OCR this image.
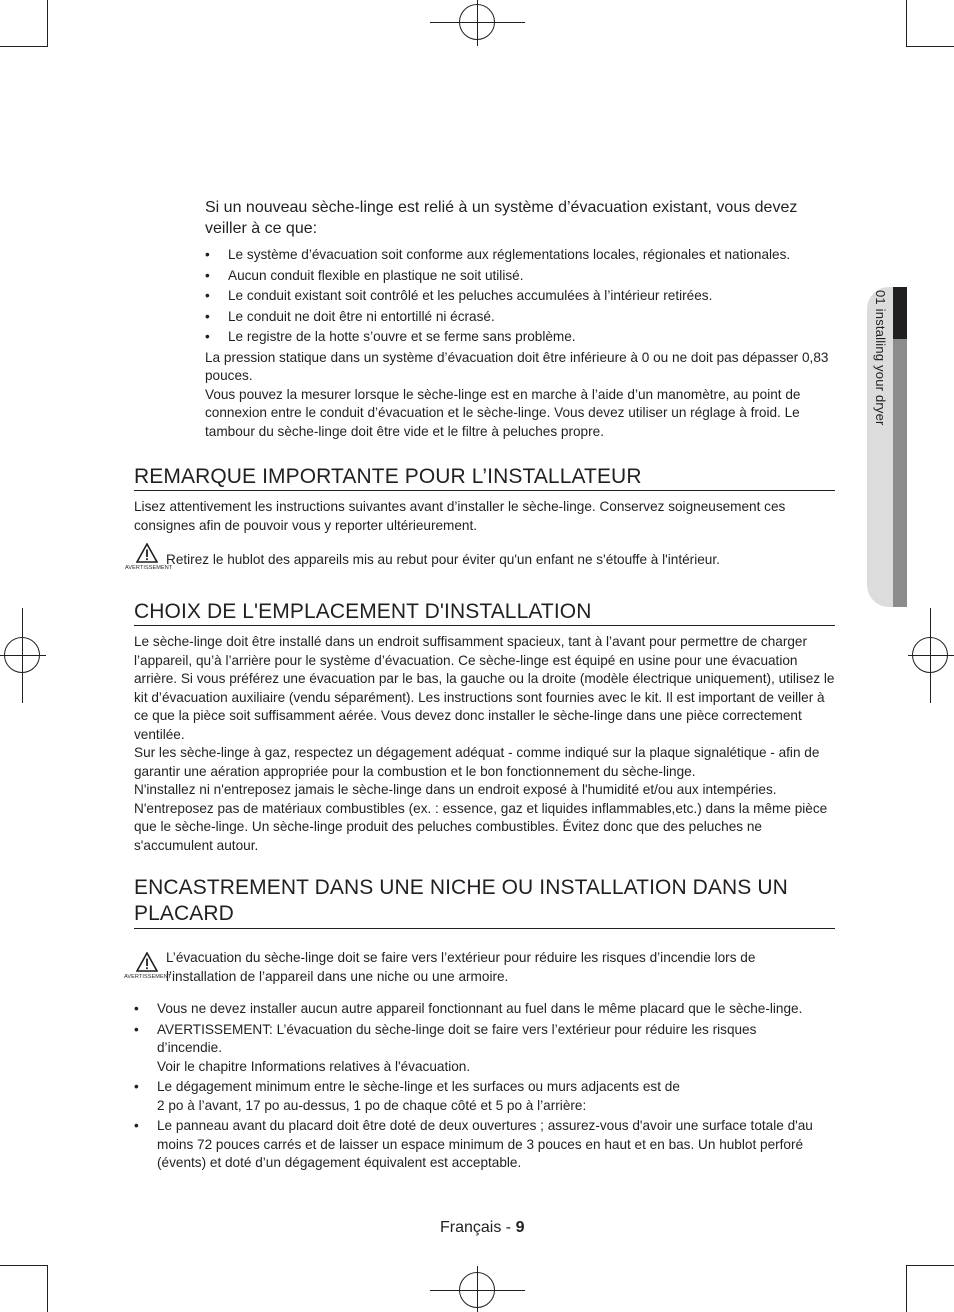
01 installing your dryer

Si un nouveau sèche-linge est relié à un système d’évacuation existant, vous devez veiller à ce que:

• Le système d’évacuation soit conforme aux réglementations locales, régionales et nationales.
• Aucun conduit flexible en plastique ne soit utilisé.
• Le conduit existant soit contrôlé et les peluches accumulées à l’intérieur retirées.
• Le conduit ne doit être ni entortillé ni écrasé.
• Le registre de la hotte s’ouvre et se ferme sans problème.

La pression statique dans un système d’évacuation doit être inférieure à 0 ou ne doit pas dépasser 0,83 pouces.

Vous pouvez la mesurer lorsque le sèche-linge est en marche à l’aide d’un manomètre, au point de connexion entre le conduit d’évacuation et le sèche-linge. Vous devez utiliser un réglage à froid. Le tambour du sèche-linge doit être vide et le filtre à peluches propre.

REMARQUE IMPORTANTE POUR L’INSTALLATEUR

Lisez attentivement les instructions suivantes avant d’installer le sèche-linge. Conservez soigneusement ces consignes afin de pouvoir vous y reporter ultérieurement.

AVERTISSEMENT

Retirez le hublot des appareils mis au rebut pour éviter qu'un enfant ne s'étouffe à l'intérieur.

CHOIX DE L'EMPLACEMENT D'INSTALLATION

Le sèche-linge doit être installé dans un endroit suffisamment spacieux, tant à l’avant pour permettre de charger l’appareil, qu’à l’arrière pour le système d’évacuation. Ce sèche-linge est équipé en usine pour une évacuation arrière. Si vous préférez une évacuation par le bas, la gauche ou la droite (modèle électrique uniquement), utilisez le kit d’évacuation auxiliaire (vendu séparément). Les instructions sont fournies avec le kit. Il est important de veiller à ce que la pièce soit suffisamment aérée. Vous devez donc installer le sèche-linge dans une pièce correctement ventilée.

Sur les sèche-linge à gaz, respectez un dégagement adéquat - comme indiqué sur la plaque signalétique - afin de garantir une aération appropriée pour la combustion et le bon fonctionnement du sèche-linge.

N'installez ni n'entreposez jamais le sèche-linge dans un endroit exposé à l'humidité et/ou aux intempéries. N'entreposez pas de matériaux combustibles (ex. : essence, gaz et liquides inflammables,etc.) dans la même pièce que le sèche-linge. Un sèche-linge produit des peluches combustibles. Évitez donc que des peluches ne s'accumulent autour.

ENCASTREMENT DANS UNE NICHE OU INSTALLATION DANS UN PLACARD
AVERTISSEMENT

L’évacuation du sèche-linge doit se faire vers l’extérieur pour réduire les risques d’incendie lors de l’installation de l’appareil dans une niche ou une armoire.

• Vous ne devez installer aucun autre appareil fonctionnant au fuel dans le même placard que le sèche-linge.
• AVERTISSEMENT: L’évacuation du sèche-linge doit se faire vers l’extérieur pour réduire les risques d’incendie.
Voir le chapitre Informations relatives à l'évacuation.
• Le dégagement minimum entre le sèche-linge et les surfaces ou murs adjacents est de
2 po à l’avant, 17 po au-dessus, 1 po de chaque côté et 5 po à l’arrière:
• Le panneau avant du placard doit être doté de deux ouvertures ; assurez-vous d'avoir une surface totale d'au moins 72 pouces carrés et de laisser un espace minimum de 3 pouces en haut et en bas. Un hublot perforé (évents) et doté d’un dégagement équivalent est acceptable.
Français - 9
